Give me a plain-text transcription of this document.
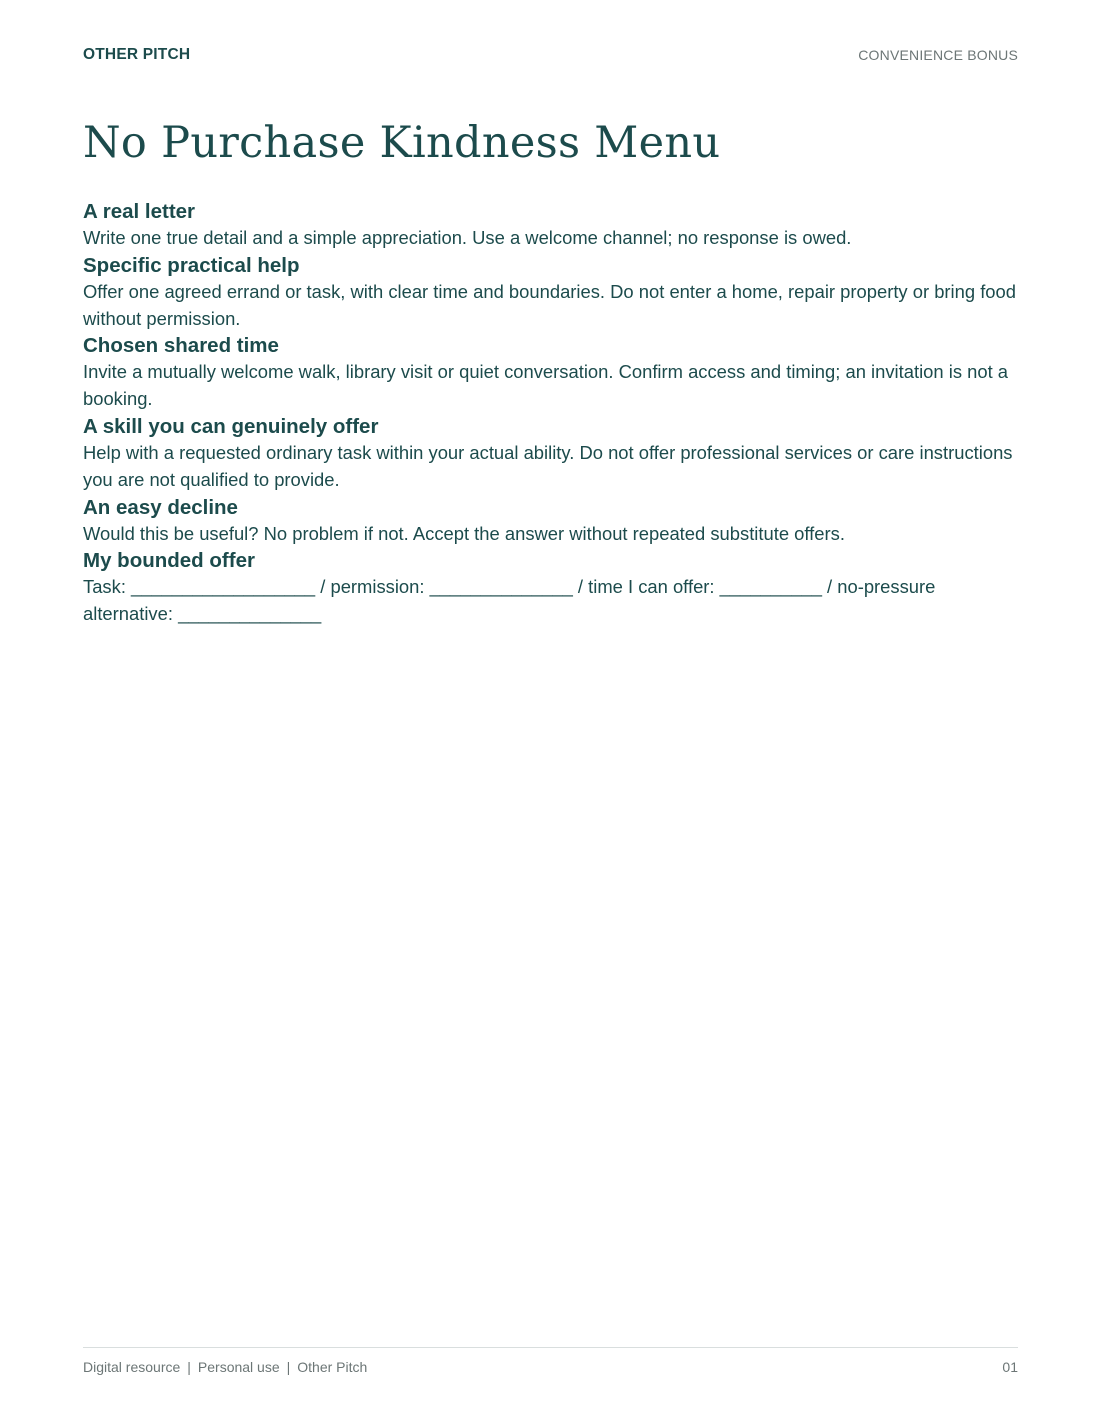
OTHER PITCH	CONVENIENCE BONUS
No Purchase Kindness Menu
A real letter

Write one true detail and a simple appreciation. Use a welcome channel; no response is owed.

Specific practical help

Offer one agreed errand or task, with clear time and boundaries. Do not enter a home, repair property or bring food without permission.

Chosen shared time

Invite a mutually welcome walk, library visit or quiet conversation. Confirm access and timing; an invitation is not a booking.

A skill you can genuinely offer

Help with a requested ordinary task within your actual ability. Do not offer professional services or care instructions you are not qualified to provide.

An easy decline

Would this be useful? No problem if not. Accept the answer without repeated substitute offers.

My bounded offer

Task: __________________ / permission: ______________ / time I can offer: __________ / no-pressure alternative: ______________

Digital resource | Personal use | Other Pitch	01
